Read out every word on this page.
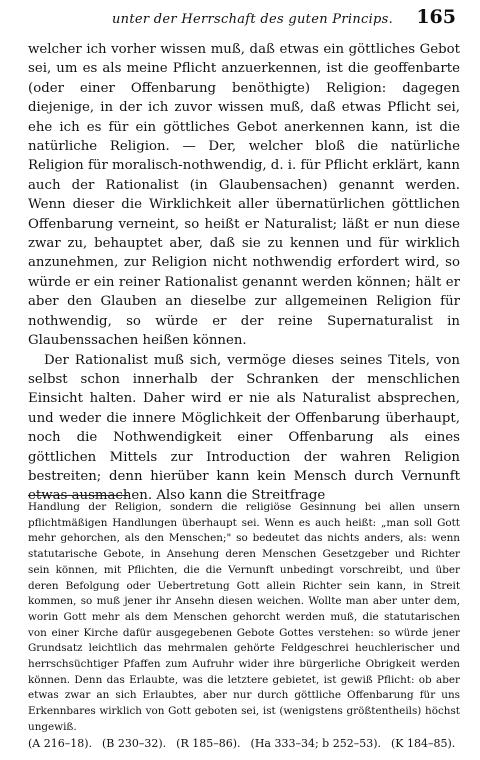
unter der Herrschaft des guten Princips. 165

welcher ich vorher wissen muß, daß etwas ein göttliches Gebot sei, um es als meine Pflicht anzuerkennen, ist die geoffenbarte (oder einer Offenbarung benöthigte) Religion: dagegen diejenige, in der ich zuvor wissen muß, daß etwas Pflicht sei, ehe ich es für ein göttliches Gebot anerkennen kann, ist die natürliche Religion. — Der, welcher bloß die natürliche Religion für moralisch-nothwendig, d. i. für Pflicht erklärt, kann auch der Rationalist (in Glaubensachen) genannt werden. Wenn dieser die Wirklichkeit aller übernatürlichen göttlichen Offenbarung verneint, so heißt er Naturalist; läßt er nun diese zwar zu, behauptet aber, daß sie zu kennen und für wirklich anzunehmen, zur Religion nicht nothwendig erfordert wird, so würde er ein reiner Rationalist genannt werden können; hält er aber den Glauben an dieselbe zur allgemeinen Religion für nothwendig, so würde er der reine Supernaturalist in Glaubenssachen heißen können.

Der Rationalist muß sich, vermöge dieses seines Titels, von selbst schon innerhalb der Schranken der menschlichen Einsicht halten. Daher wird er nie als Naturalist absprechen, und weder die innere Möglichkeit der Offenbarung überhaupt, noch die Nothwendigkeit einer Offenbarung als eines göttlichen Mittels zur Introduction der wahren Religion bestreiten; denn hierüber kann kein Mensch durch Vernunft etwas ausmachen. Also kann die Streitfrage

Handlung der Religion, sondern die religiöse Gesinnung bei allen unsern pflichtmäßigen Handlungen überhaupt sei. Wenn es auch heißt: „man soll Gott mehr gehorchen, als den Menschen;" so bedeutet das nichts anders, als: wenn statutarische Gebote, in Ansehung deren Menschen Gesetzgeber und Richter sein können, mit Pflichten, die die Vernunft unbedingt vorschreibt, und über deren Befolgung oder Uebertretung Gott allein Richter sein kann, in Streit kommen, so muß jener ihr Ansehn diesen weichen. Wollte man aber unter dem, worin Gott mehr als dem Menschen gehorcht werden muß, die statutarischen von einer Kirche dafür ausgegebenen Gebote Gottes verstehen: so würde jener Grundsatz leichtlich das mehrmalen gehörte Feldgeschrei heuchlerischer und herrschsüchtiger Pfaffen zum Aufruhr wider ihre bürgerliche Obrigkeit werden können. Denn das Erlaubte, was die letztere gebietet, ist gewiß Pflicht: ob aber etwas zwar an sich Erlaubtes, aber nur durch göttliche Offenbarung für uns Erkennbares wirklich von Gott geboten sei, ist (wenigstens größtentheils) höchst ungewiß.

(A 216–18). (B 230–32). (R 185–86). (Ha 333–34; b 252–53). (K 184–85).
